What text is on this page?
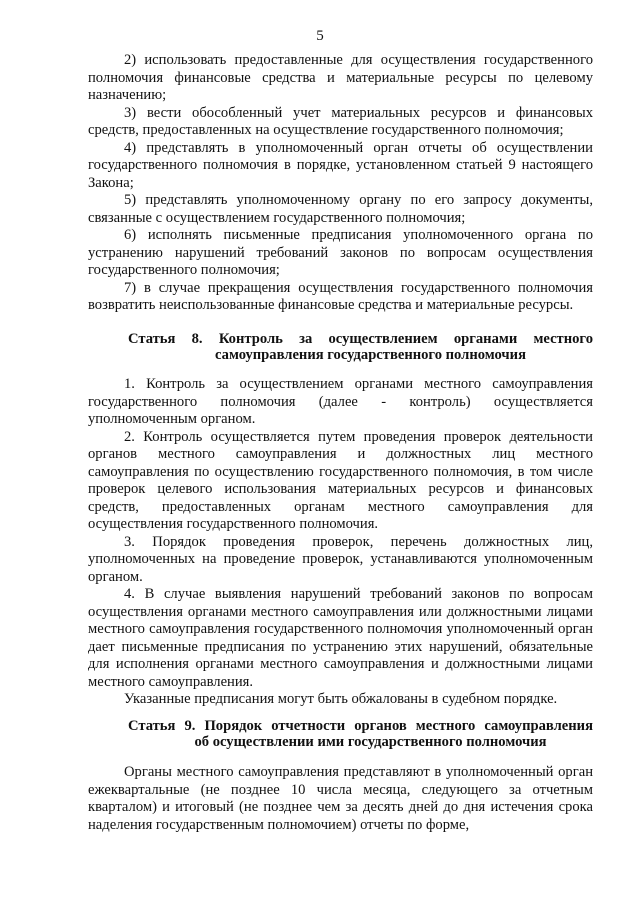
5

2) использовать предоставленные для осуществления государственного полномочия финансовые средства и материальные ресурсы по целевому назначению;

3) вести обособленный учет материальных ресурсов и финансовых средств, предоставленных на осуществление государственного полномочия;

4) представлять в уполномоченный орган отчеты об осуществлении государственного полномочия в порядке, установленном статьей 9 настоящего Закона;

5) представлять уполномоченному органу по его запросу документы, связанные с осуществлением государственного полномочия;

6) исполнять письменные предписания уполномоченного органа по устранению нарушений требований законов по вопросам осуществления государственного полномочия;

7) в случае прекращения осуществления государственного полномочия возвратить неиспользованные финансовые средства и материальные ресурсы.

Статья 8. Контроль за осуществлением органами местного
самоуправления государственного полномочия

1. Контроль за осуществлением органами местного самоуправления государственного полномочия (далее - контроль) осуществляется уполномоченным органом.

2. Контроль осуществляется путем проведения проверок деятельности органов местного самоуправления и должностных лиц местного самоуправления по осуществлению государственного полномочия, в том числе проверок целевого использования материальных ресурсов и финансовых средств, предоставленных органам местного самоуправления для осуществления государственного полномочия.

3. Порядок проведения проверок, перечень должностных лиц, уполномоченных на проведение проверок, устанавливаются уполномоченным органом.

4. В случае выявления нарушений требований законов по вопросам осуществления органами местного самоуправления или должностными лицами местного самоуправления государственного полномочия уполномоченный орган дает письменные предписания по устранению этих нарушений, обязательные для исполнения органами местного самоуправления и должностными лицами местного самоуправления.

Указанные предписания могут быть обжалованы в судебном порядке.

Статья 9. Порядок отчетности органов местного самоуправления
об осуществлении ими государственного полномочия

Органы местного самоуправления представляют в уполномоченный орган ежеквартальные (не позднее 10 числа месяца, следующего за отчетным кварталом) и итоговый (не позднее чем за десять дней до дня истечения срока наделения государственным полномочием) отчеты по форме,
